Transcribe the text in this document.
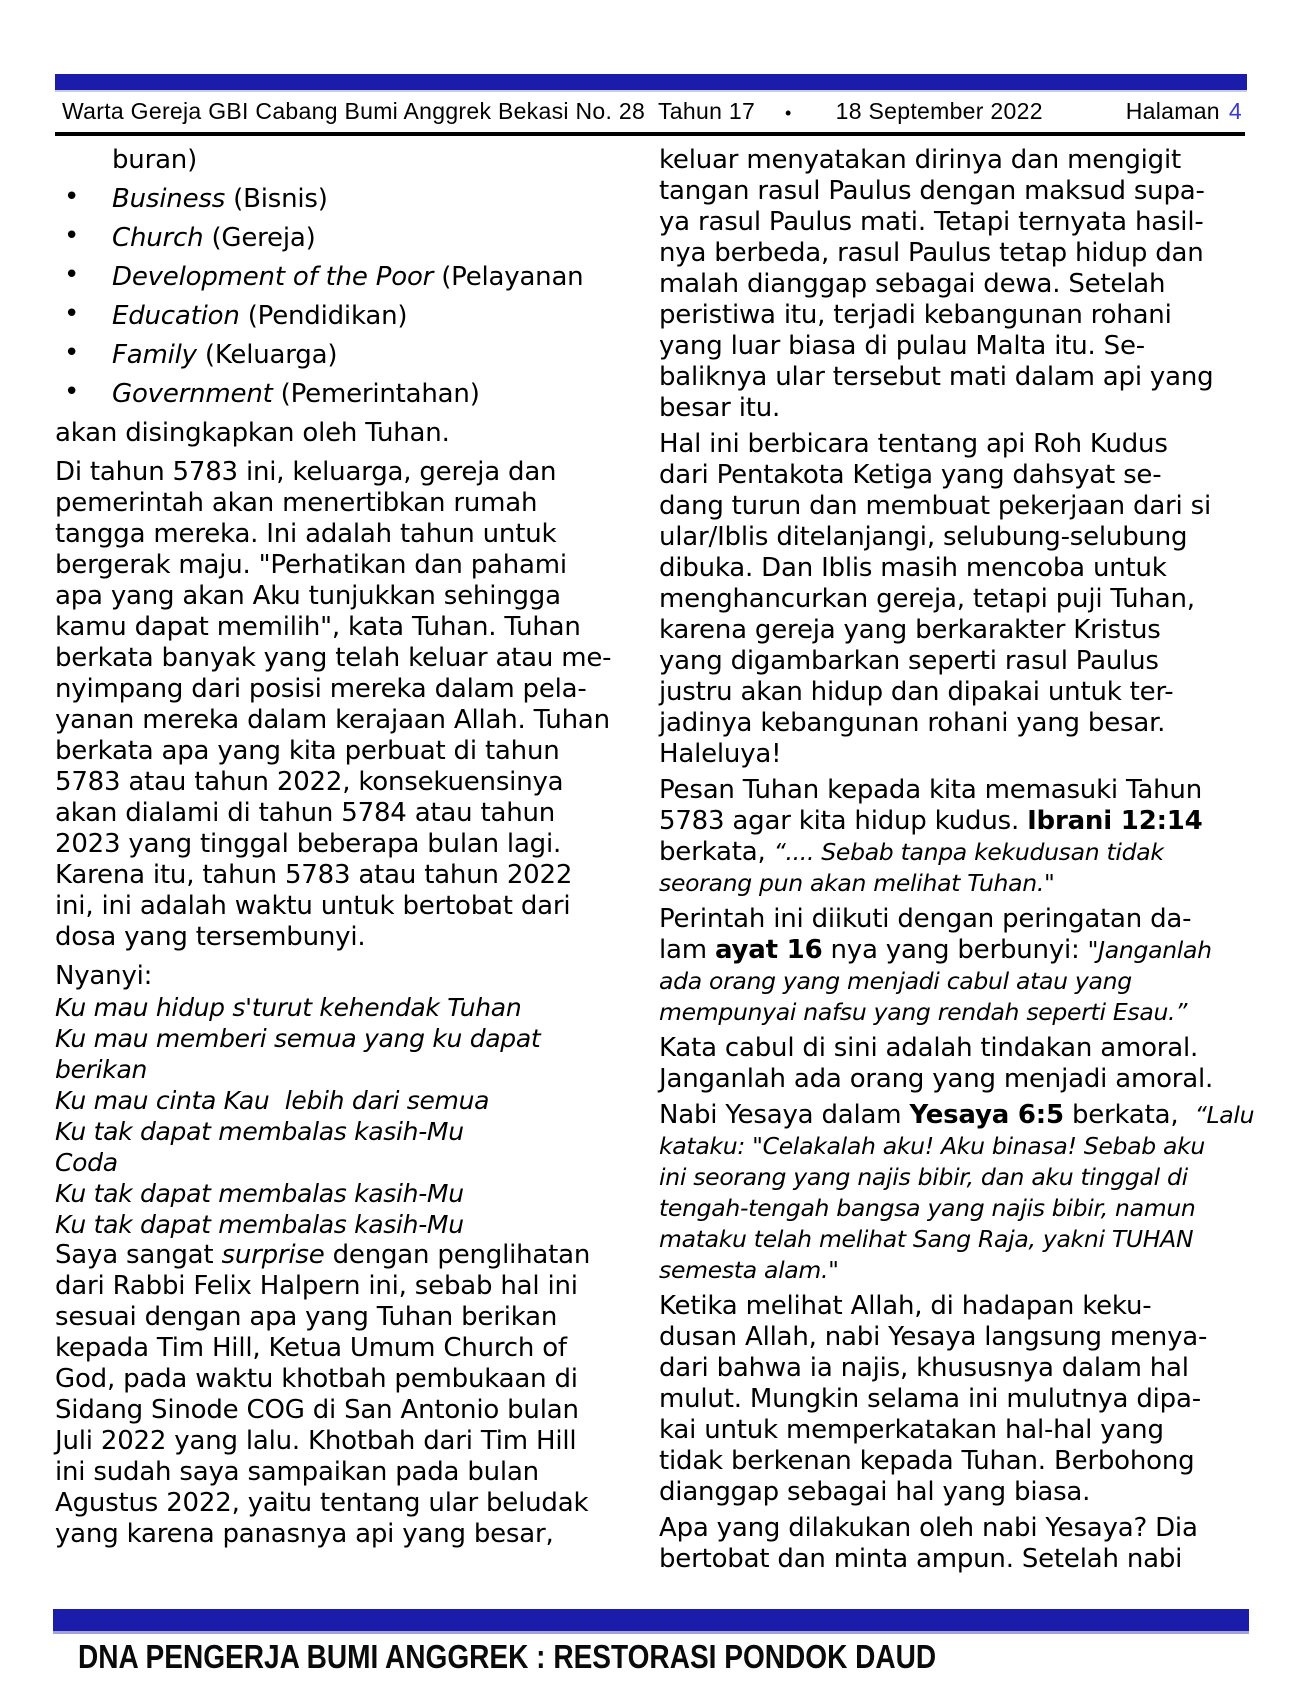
Warta Gereja GBI Cabang Bumi Anggrek Bekasi No. 28  Tahun 17 • 18 September 2022	Halaman 4
buran)
• Business (Bisnis)
• Church (Gereja)
• Development of the Poor (Pelayanan
• Education (Pendidikan)
• Family (Keluarga)
• Government (Pemerintahan)
akan disingkapkan oleh Tuhan.
Di tahun 5783 ini, keluarga, gereja dan
pemerintah akan menertibkan rumah
tangga mereka. Ini adalah tahun untuk
bergerak maju. "Perhatikan dan pahami
apa yang akan Aku tunjukkan sehingga
kamu dapat memilih", kata Tuhan. Tuhan
berkata banyak yang telah keluar atau me-
nyimpang dari posisi mereka dalam pela-
yanan mereka dalam kerajaan Allah. Tuhan
berkata apa yang kita perbuat di tahun
5783 atau tahun 2022, konsekuensinya
akan dialami di tahun 5784 atau tahun
2023 yang tinggal beberapa bulan lagi.
Karena itu, tahun 5783 atau tahun 2022
ini, ini adalah waktu untuk bertobat dari
dosa yang tersembunyi.
Nyanyi:
Ku mau hidup s'turut kehendak Tuhan
Ku mau memberi semua yang ku dapat
berikan
Ku mau cinta Kau  lebih dari semua
Ku tak dapat membalas kasih-Mu
Coda
Ku tak dapat membalas kasih-Mu
Ku tak dapat membalas kasih-Mu
Saya sangat surprise dengan penglihatan
dari Rabbi Felix Halpern ini, sebab hal ini
sesuai dengan apa yang Tuhan berikan
kepada Tim Hill, Ketua Umum Church of
God, pada waktu khotbah pembukaan di
Sidang Sinode COG di San Antonio bulan
Juli 2022 yang lalu. Khotbah dari Tim Hill
ini sudah saya sampaikan pada bulan
Agustus 2022, yaitu tentang ular beludak
yang karena panasnya api yang besar,
keluar menyatakan dirinya dan mengigit
tangan rasul Paulus dengan maksud supa-
ya rasul Paulus mati. Tetapi ternyata hasil-
nya berbeda, rasul Paulus tetap hidup dan
malah dianggap sebagai dewa. Setelah
peristiwa itu, terjadi kebangunan rohani
yang luar biasa di pulau Malta itu. Se-
baliknya ular tersebut mati dalam api yang
besar itu.
Hal ini berbicara tentang api Roh Kudus
dari Pentakota Ketiga yang dahsyat se-
dang turun dan membuat pekerjaan dari si
ular/Iblis ditelanjangi, selubung-selubung
dibuka. Dan Iblis masih mencoba untuk
menghancurkan gereja, tetapi puji Tuhan,
karena gereja yang berkarakter Kristus
yang digambarkan seperti rasul Paulus
justru akan hidup dan dipakai untuk ter-
jadinya kebangunan rohani yang besar.
Haleluya!
Pesan Tuhan kepada kita memasuki Tahun
5783 agar kita hidup kudus. Ibrani 12:14
berkata, “.... Sebab tanpa kekudusan tidak
seorang pun akan melihat Tuhan."
Perintah ini diikuti dengan peringatan da-
lam ayat 16 nya yang berbunyi: "Janganlah
ada orang yang menjadi cabul atau yang
mempunyai nafsu yang rendah seperti Esau.”
Kata cabul di sini adalah tindakan amoral.
Janganlah ada orang yang menjadi amoral.
Nabi Yesaya dalam Yesaya 6:5 berkata,  “Lalu
kataku: "Celakalah aku! Aku binasa! Sebab aku
ini seorang yang najis bibir, dan aku tinggal di
tengah-tengah bangsa yang najis bibir, namun
mataku telah melihat Sang Raja, yakni TUHAN
semesta alam."
Ketika melihat Allah, di hadapan keku-
dusan Allah, nabi Yesaya langsung menya-
dari bahwa ia najis, khususnya dalam hal
mulut. Mungkin selama ini mulutnya dipa-
kai untuk memperkatakan hal-hal yang
tidak berkenan kepada Tuhan. Berbohong
dianggap sebagai hal yang biasa.
Apa yang dilakukan oleh nabi Yesaya? Dia
bertobat dan minta ampun. Setelah nabi
DNA PENGERJA BUMI ANGGREK : RESTORASI PONDOK DAUD
